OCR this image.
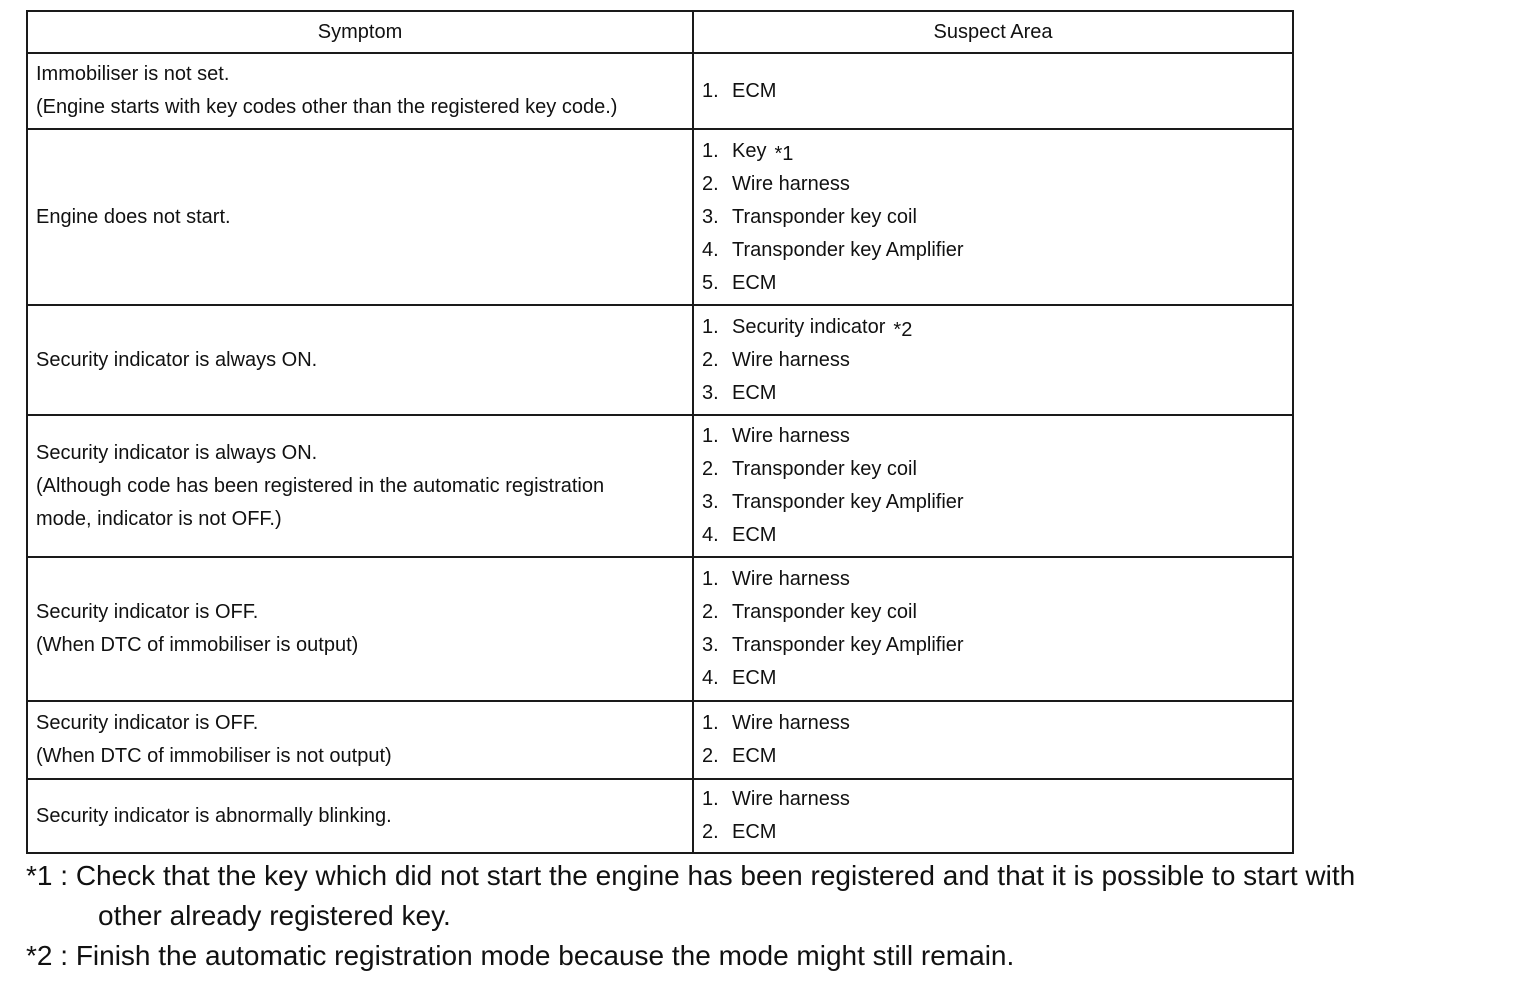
Symptom	Suspect Area

Immobiliser is not set.
(Engine starts with key codes other than the registered key code.)	1. ECM

Engine does not start.	1. Key *1
2. Wire harness
3. Transponder key coil
4. Transponder key Amplifier
5. ECM

Security indicator is always ON.	1. Security indicator *2
2. Wire harness
3. ECM

Security indicator is always ON.
(Although code has been registered in the automatic registration
mode, indicator is not OFF.)	1. Wire harness
2. Transponder key coil
3. Transponder key Amplifier
4. ECM

Security indicator is OFF.
(When DTC of immobiliser is output)	1. Wire harness
2. Transponder key coil
3. Transponder key Amplifier
4. ECM

Security indicator is OFF.
(When DTC of immobiliser is not output)	1. Wire harness
2. ECM

Security indicator is abnormally blinking.	1. Wire harness
2. ECM
*1 : Check that the key which did not start the engine has been registered and that it is possible to start with
other already registered key.
*2 : Finish the automatic registration mode because the mode might still remain.
